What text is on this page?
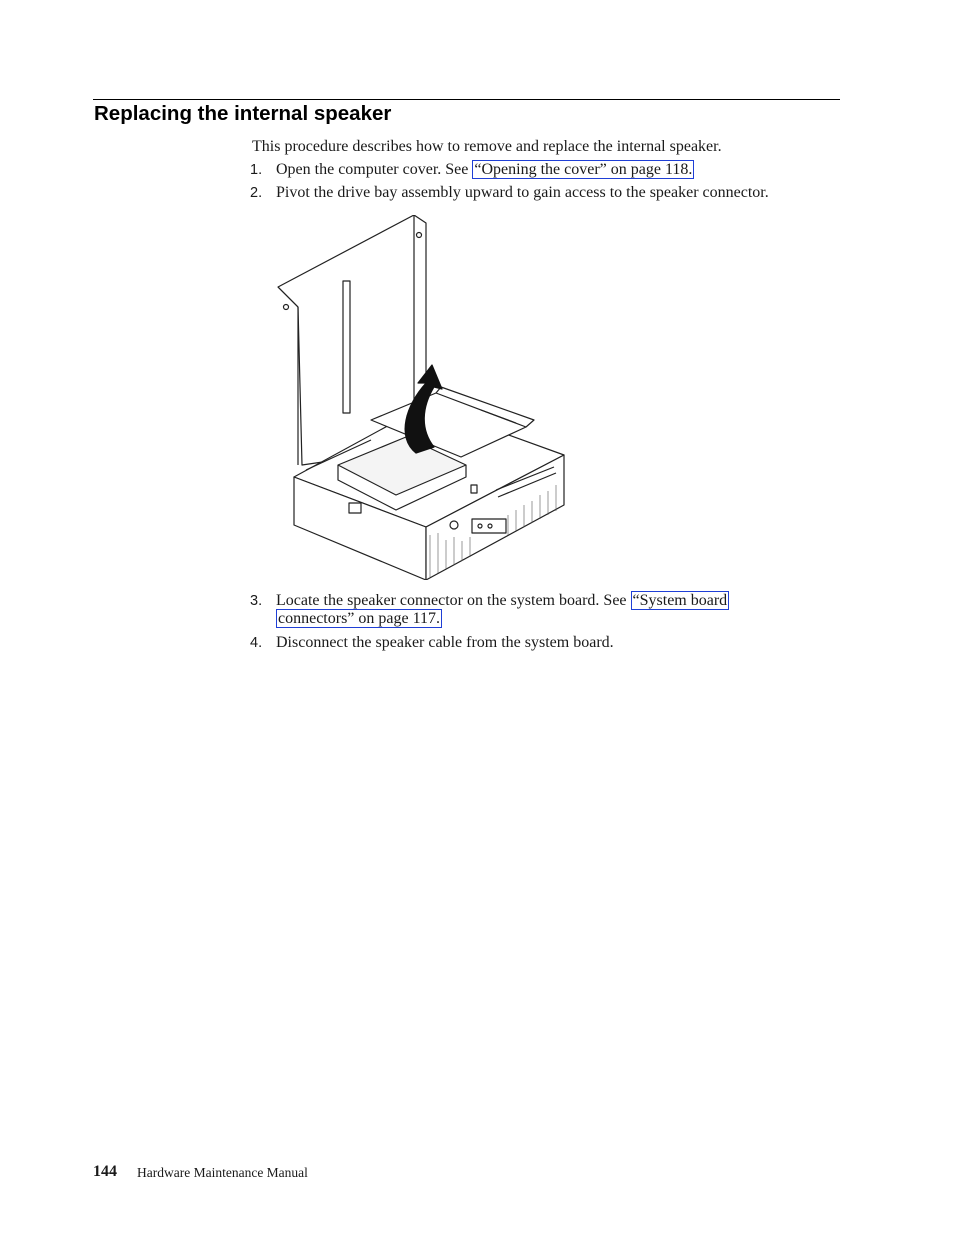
Replacing the internal speaker
This procedure describes how to remove and replace the internal speaker.
1. Open the computer cover. See “Opening the cover” on page 118.
2. Pivot the drive bay assembly upward to gain access to the speaker connector.
3. Locate the speaker connector on the system board. See “System board
connectors” on page 117.
4. Disconnect the speaker cable from the system board.
144 Hardware Maintenance Manual
